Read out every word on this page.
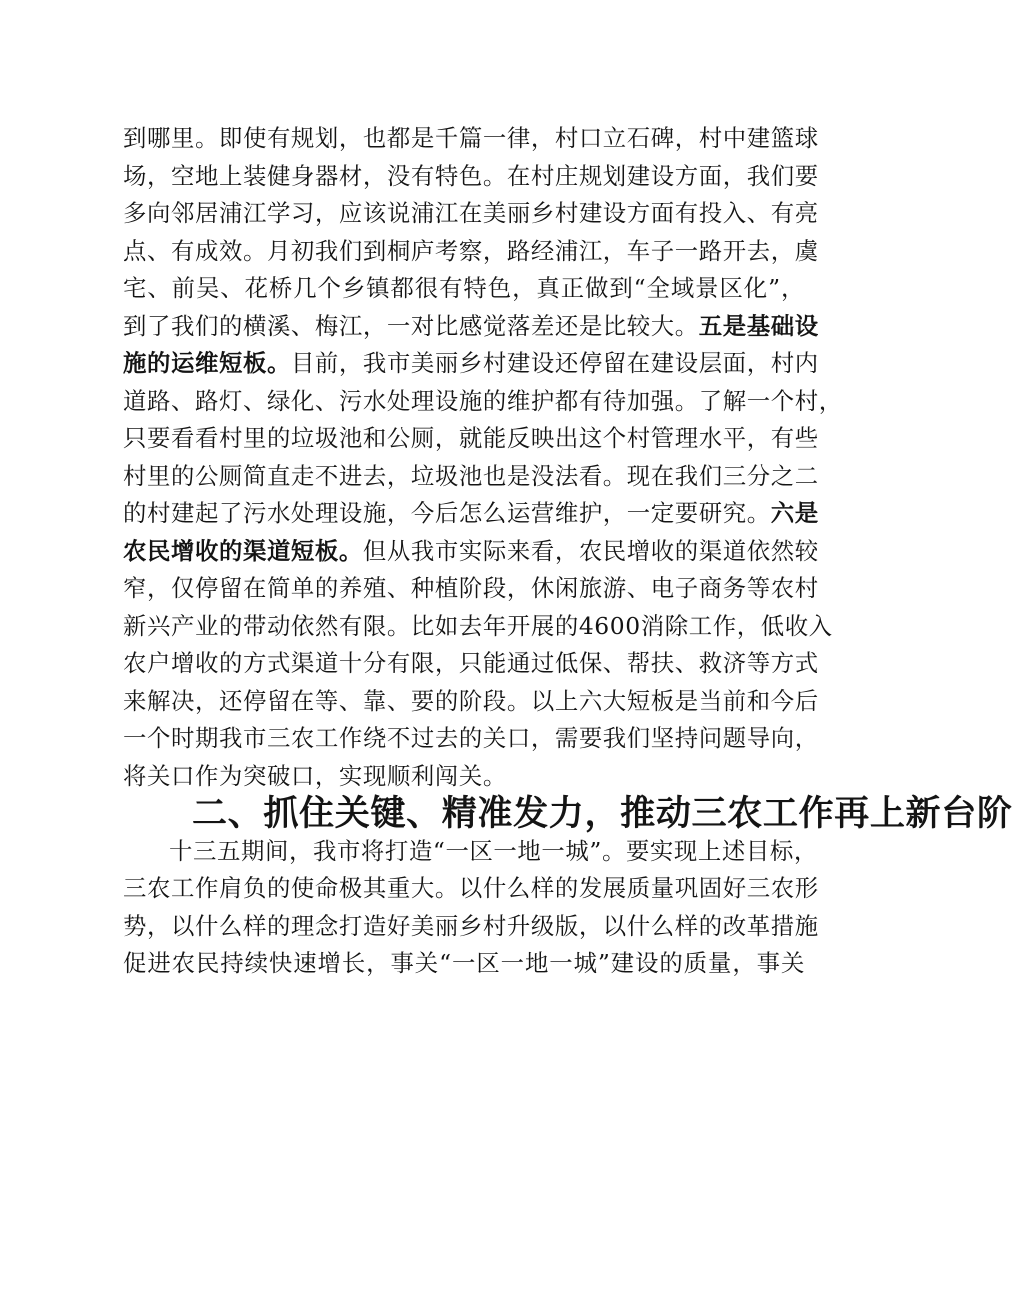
到哪里。即使有规划，也都是千篇一律，村口立石碑，村中建篮球
场，空地上装健身器材，没有特色。在村庄规划建设方面，我们要
多向邻居浦江学习，应该说浦江在美丽乡村建设方面有投入、有亮
点、有成效。月初我们到桐庐考察，路经浦江，车子一路开去，虞
宅、前吴、花桥几个乡镇都很有特色，真正做到“全域景区化”，
到了我们的横溪、梅江，一对比感觉落差还是比较大。五是基础设
施的运维短板。目前，我市美丽乡村建设还停留在建设层面，村内
道路、路灯、绿化、污水处理设施的维护都有待加强。了解一个村，
只要看看村里的垃圾池和公厕，就能反映出这个村管理水平，有些
村里的公厕简直走不进去，垃圾池也是没法看。现在我们三分之二
的村建起了污水处理设施，今后怎么运营维护，一定要研究。六是
农民增收的渠道短板。但从我市实际来看，农民增收的渠道依然较
窄，仅停留在简单的养殖、种植阶段，休闲旅游、电子商务等农村
新兴产业的带动依然有限。比如去年开展的4600消除工作，低收入
农户增收的方式渠道十分有限，只能通过低保、帮扶、救济等方式
来解决，还停留在等、靠、要的阶段。以上六大短板是当前和今后
一个时期我市三农工作绕不过去的关口，需要我们坚持问题导向，
将关口作为突破口，实现顺利闯关。

二、抓住关键、精准发力，推动三农工作再上新台阶

十三五期间，我市将打造“一区一地一城”。要实现上述目标，
三农工作肩负的使命极其重大。以什么样的发展质量巩固好三农形
势，以什么样的理念打造好美丽乡村升级版，以什么样的改革措施
促进农民持续快速增长，事关“一区一地一城”建设的质量，事关
